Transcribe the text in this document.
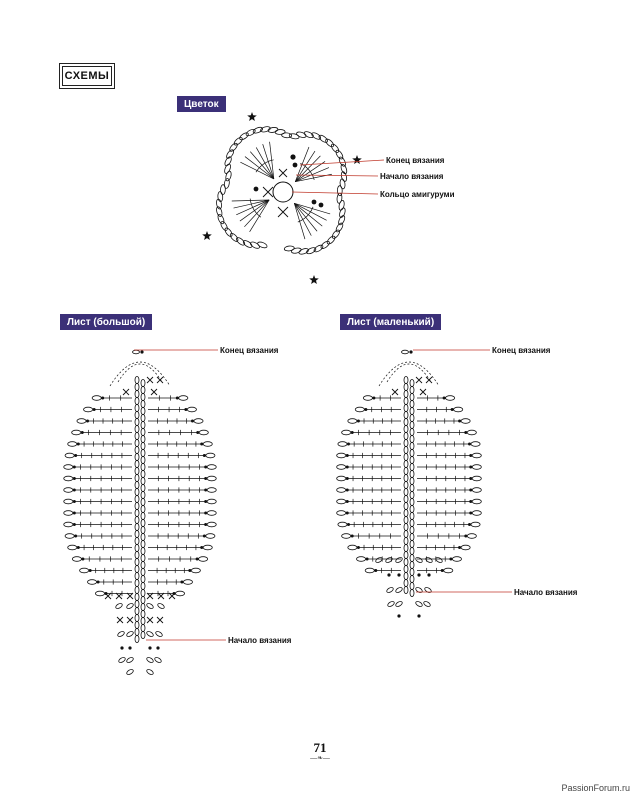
СХЕМЫ
Цветок
Лист (большой)	Лист (маленький)
Конец вязания
Начало вязания
Кольцо амигуруми
Конец вязания
Начало вязания
Конец вязания
Начало вязания
71
—❧—
PassionForum.ru
